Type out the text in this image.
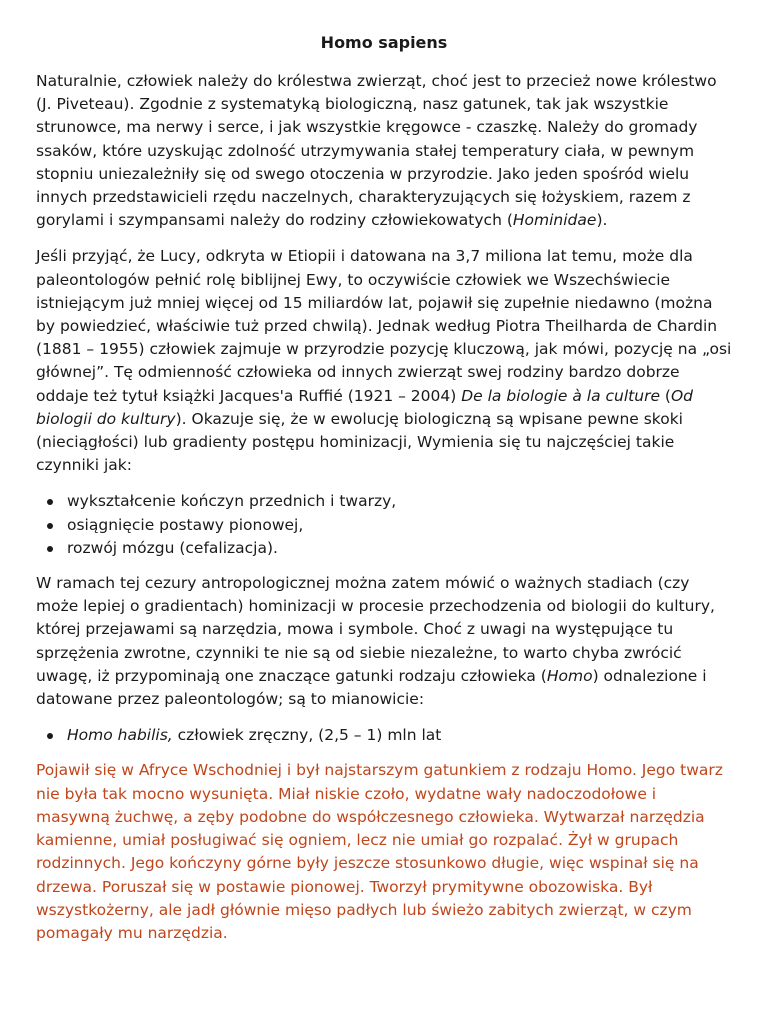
Homo sapiens

Naturalnie, człowiek należy do królestwa zwierząt, choć jest to przecież nowe królestwo (J. Piveteau). Zgodnie z systematyką biologiczną, nasz gatunek, tak jak wszystkie strunowce, ma nerwy i serce, i jak wszystkie kręgowce - czaszkę. Należy do gromady ssaków, które uzyskując zdolność utrzymywania stałej temperatury ciała, w pewnym stopniu uniezależniły się od swego otoczenia w przyrodzie. Jako jeden spośród wielu innych przedstawicieli rzędu naczelnych, charakteryzujących się łożyskiem, razem z gorylami i szympansami należy do rodziny człowiekowatych (Hominidae).

Jeśli przyjąć, że Lucy, odkryta w Etiopii i datowana na 3,7 miliona lat temu, może dla paleontologów pełnić rolę biblijnej Ewy, to oczywiście człowiek we Wszechświecie istniejącym już mniej więcej od 15 miliardów lat, pojawił się zupełnie niedawno (można by powiedzieć, właściwie tuż przed chwilą). Jednak według Piotra Theilharda de Chardin (1881 – 1955) człowiek zajmuje w przyrodzie pozycję kluczową, jak mówi, pozycję na „osi głównej”. Tę odmienność człowieka od innych zwierząt swej rodziny bardzo dobrze oddaje też tytuł książki Jacques'a Ruffié (1921 – 2004) De la biologie à la culture (Od biologii do kultury). Okazuje się, że w ewolucję biologiczną są wpisane pewne skoki (nieciągłości) lub gradienty postępu hominizacji, Wymienia się tu najczęściej takie czynniki jak:

wykształcenie kończyn przednich i twarzy,
osiągnięcie postawy pionowej,
rozwój mózgu (cefalizacja).

W ramach tej cezury antropologicznej można zatem mówić o ważnych stadiach (czy może lepiej o gradientach) hominizacji w procesie przechodzenia od biologii do kultury, której przejawami są narzędzia, mowa i symbole. Choć z uwagi na występujące tu sprzężenia zwrotne, czynniki te nie są od siebie niezależne, to warto chyba zwrócić uwagę, iż przypominają one znaczące gatunki rodzaju człowieka (Homo) odnalezione i datowane przez paleontologów; są to mianowicie:

Homo habilis, człowiek zręczny, (2,5 – 1) mln lat

Pojawił się w Afryce Wschodniej i był najstarszym gatunkiem z rodzaju Homo. Jego twarz nie była tak mocno wysunięta. Miał niskie czoło, wydatne wały nadoczodołowe i masywną żuchwę, a zęby podobne do współczesnego człowieka. Wytwarzał narzędzia kamienne, umiał posługiwać się ogniem, lecz nie umiał go rozpalać. Żył w grupach rodzinnych. Jego kończyny górne były jeszcze stosunkowo długie, więc wspinał się na drzewa. Poruszał się w postawie pionowej. Tworzył prymitywne obozowiska. Był wszystkożerny, ale jadł głównie mięso padłych lub świeżo zabitych zwierząt, w czym pomagały mu narzędzia.
